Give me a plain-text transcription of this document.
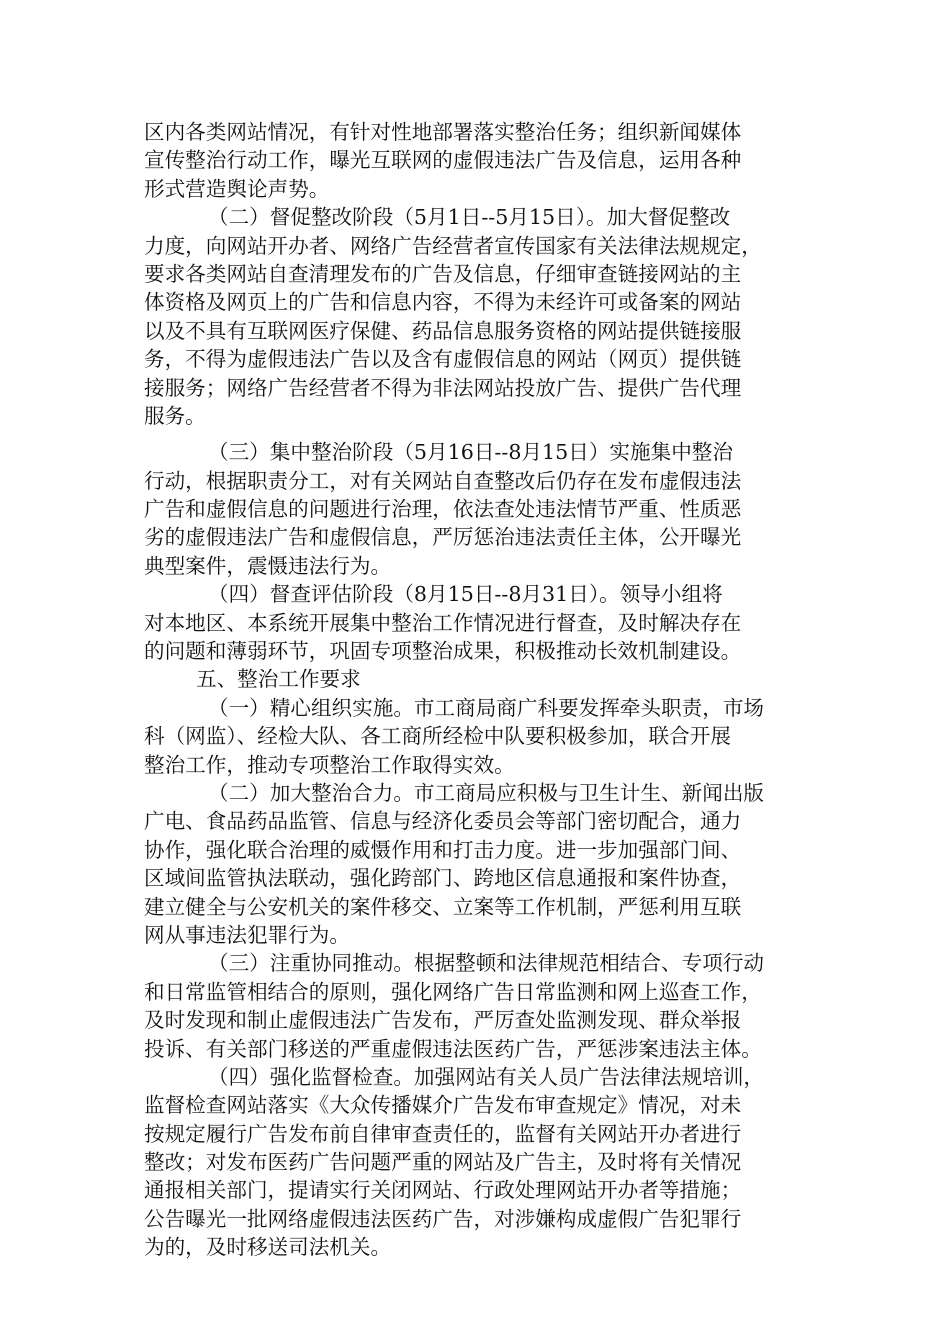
区内各类网站情况，有针对性地部署落实整治任务；组织新闻媒体
宣传整治行动工作，曝光互联网的虚假违法广告及信息，运用各种
形式营造舆论声势。
（二）督促整改阶段（5月1日--5月15日）。加大督促整改
力度，向网站开办者、网络广告经营者宣传国家有关法律法规规定，
要求各类网站自查清理发布的广告及信息，仔细审查链接网站的主
体资格及网页上的广告和信息内容，不得为未经许可或备案的网站
以及不具有互联网医疗保健、药品信息服务资格的网站提供链接服
务，不得为虚假违法广告以及含有虚假信息的网站（网页）提供链
接服务；网络广告经营者不得为非法网站投放广告、提供广告代理
服务。
（三）集中整治阶段（5月16日--8月15日）实施集中整治
行动，根据职责分工，对有关网站自查整改后仍存在发布虚假违法
广告和虚假信息的问题进行治理，依法查处违法情节严重、性质恶
劣的虚假违法广告和虚假信息，严厉惩治违法责任主体，公开曝光
典型案件，震慑违法行为。
（四）督查评估阶段（8月15日--8月31日）。领导小组将
对本地区、本系统开展集中整治工作情况进行督查，及时解决存在
的问题和薄弱环节，巩固专项整治成果，积极推动长效机制建设。
五、整治工作要求
（一）精心组织实施。市工商局商广科要发挥牵头职责，市场
科（网监）、经检大队、各工商所经检中队要积极参加，联合开展
整治工作，推动专项整治工作取得实效。
（二）加大整治合力。市工商局应积极与卫生计生、新闻出版
广电、食品药品监管、信息与经济化委员会等部门密切配合，通力
协作，强化联合治理的威慑作用和打击力度。进一步加强部门间、
区域间监管执法联动，强化跨部门、跨地区信息通报和案件协查，
建立健全与公安机关的案件移交、立案等工作机制，严惩利用互联
网从事违法犯罪行为。
（三）注重协同推动。根据整顿和法律规范相结合、专项行动
和日常监管相结合的原则，强化网络广告日常监测和网上巡查工作，
及时发现和制止虚假违法广告发布，严厉查处监测发现、群众举报
投诉、有关部门移送的严重虚假违法医药广告，严惩涉案违法主体。
（四）强化监督检查。加强网站有关人员广告法律法规培训，
监督检查网站落实《大众传播媒介广告发布审查规定》情况，对未
按规定履行广告发布前自律审查责任的，监督有关网站开办者进行
整改；对发布医药广告问题严重的网站及广告主，及时将有关情况
通报相关部门，提请实行关闭网站、行政处理网站开办者等措施；
公告曝光一批网络虚假违法医药广告，对涉嫌构成虚假广告犯罪行
为的，及时移送司法机关。
